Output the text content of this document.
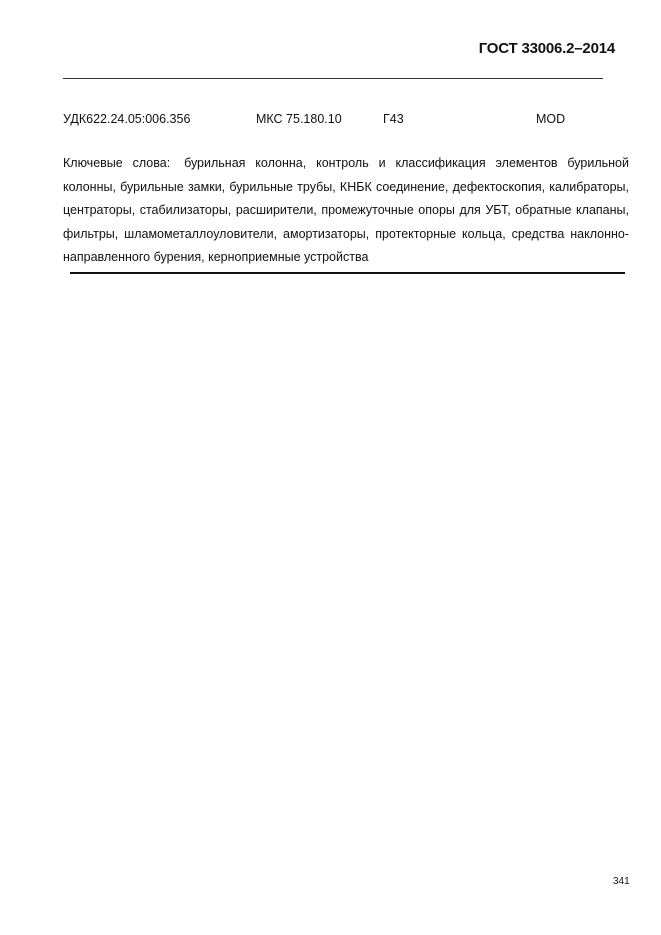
ГОСТ 33006.2–2014
УДК622.24.05:006.356	МКС 75.180.10	Г43	MOD
Ключевые слова: бурильная колонна, контроль и классификация элементов бурильной колонны, бурильные замки, бурильные трубы, КНБК соединение, дефектоскопия, калибраторы, центраторы, стабилизаторы, расширители, промежуточные опоры для УБТ, обратные клапаны, фильтры, шламометаллоуловители, амортизаторы, протекторные кольца, средства наклонно-направленного бурения, керноприемные устройства
341
